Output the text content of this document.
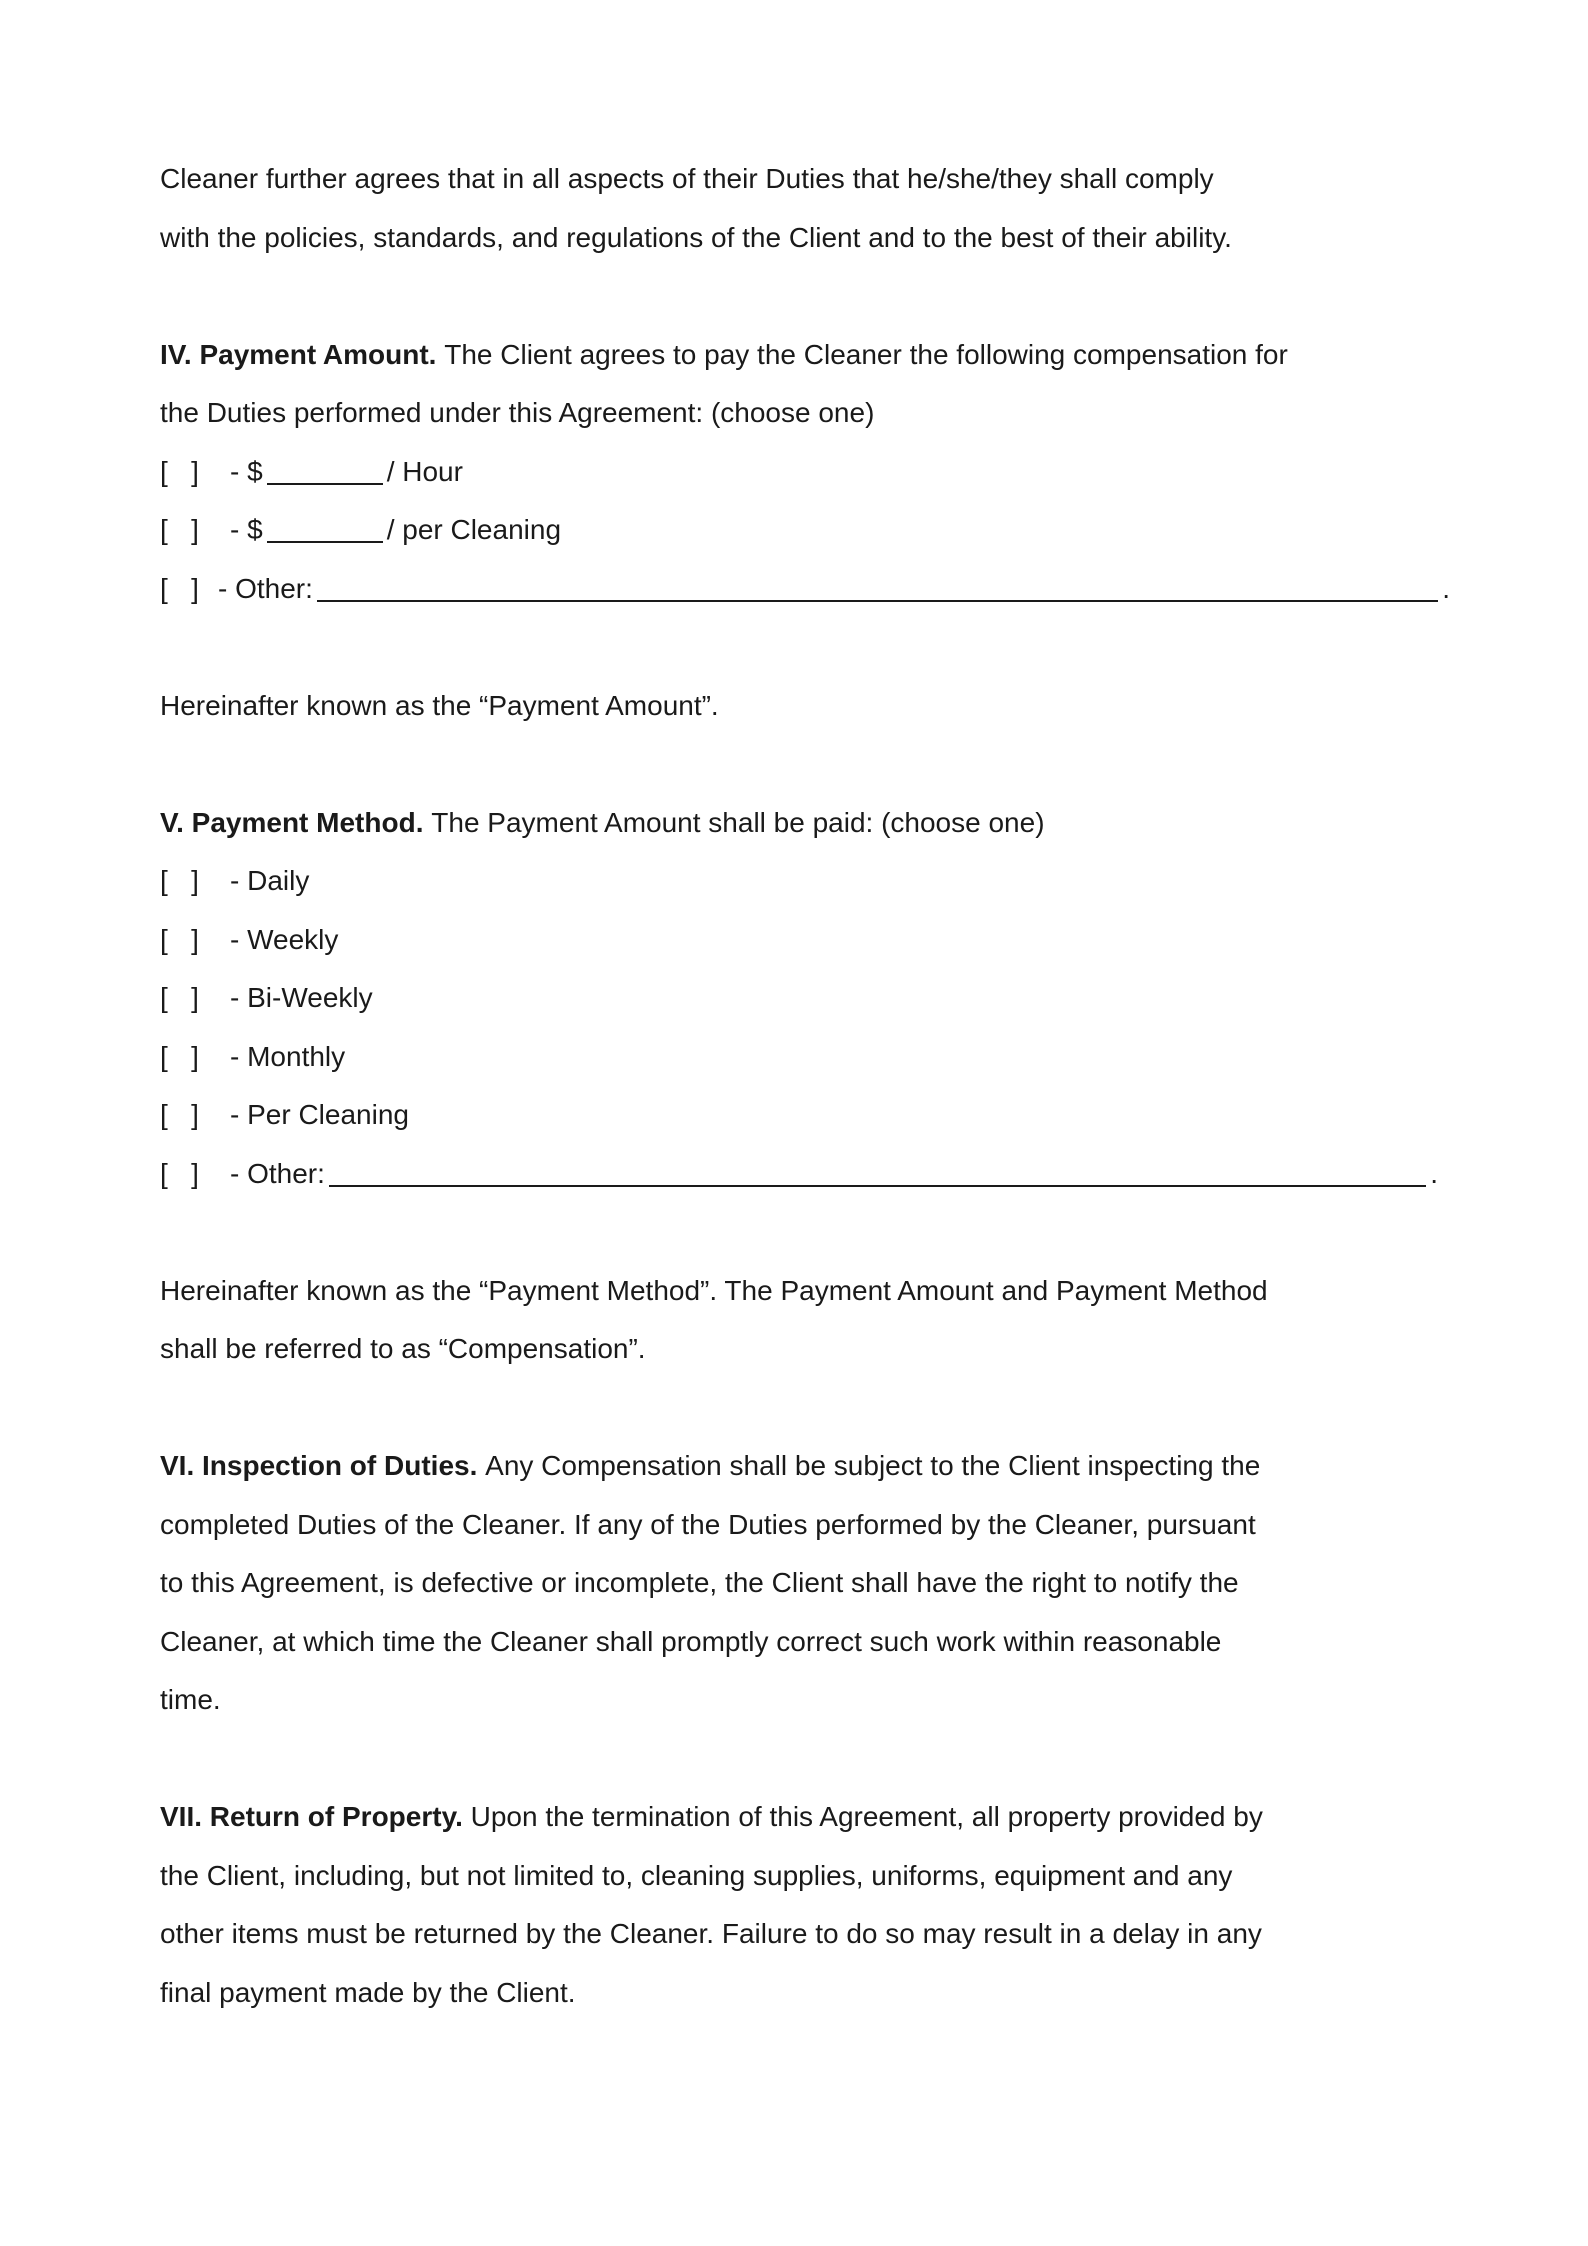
Cleaner further agrees that in all aspects of their Duties that he/she/they shall comply
with the policies, standards, and regulations of the Client and to the best of their ability.
IV. Payment Amount.
The Client agrees to pay the Cleaner the following compensation for
the Duties performed under this Agreement: (choose one)
[   ]	- $	/ Hour
[   ]	- $	/ per Cleaning
[   ] - Other:	.
Hereinafter known as the “Payment Amount”.
V. Payment Method.
The Payment Amount shall be paid: (choose one)
[   ]	- Daily
[   ]	- Weekly
[   ]	- Bi-Weekly
[   ]	- Monthly
[   ]	- Per Cleaning
[   ]	- Other:	.
Hereinafter known as the “Payment Method”. The Payment Amount and Payment Method
shall be referred to as “Compensation”.
VI. Inspection of Duties.
Any Compensation shall be subject to the Client inspecting the
completed Duties of the Cleaner. If any of the Duties performed by the Cleaner, pursuant
to this Agreement, is defective or incomplete, the Client shall have the right to notify the
Cleaner, at which time the Cleaner shall promptly correct such work within reasonable
time.
VII. Return of Property.
Upon the termination of this Agreement, all property provided by
the Client, including, but not limited to, cleaning supplies, uniforms, equipment and any
other items must be returned by the Cleaner. Failure to do so may result in a delay in any
final payment made by the Client.
